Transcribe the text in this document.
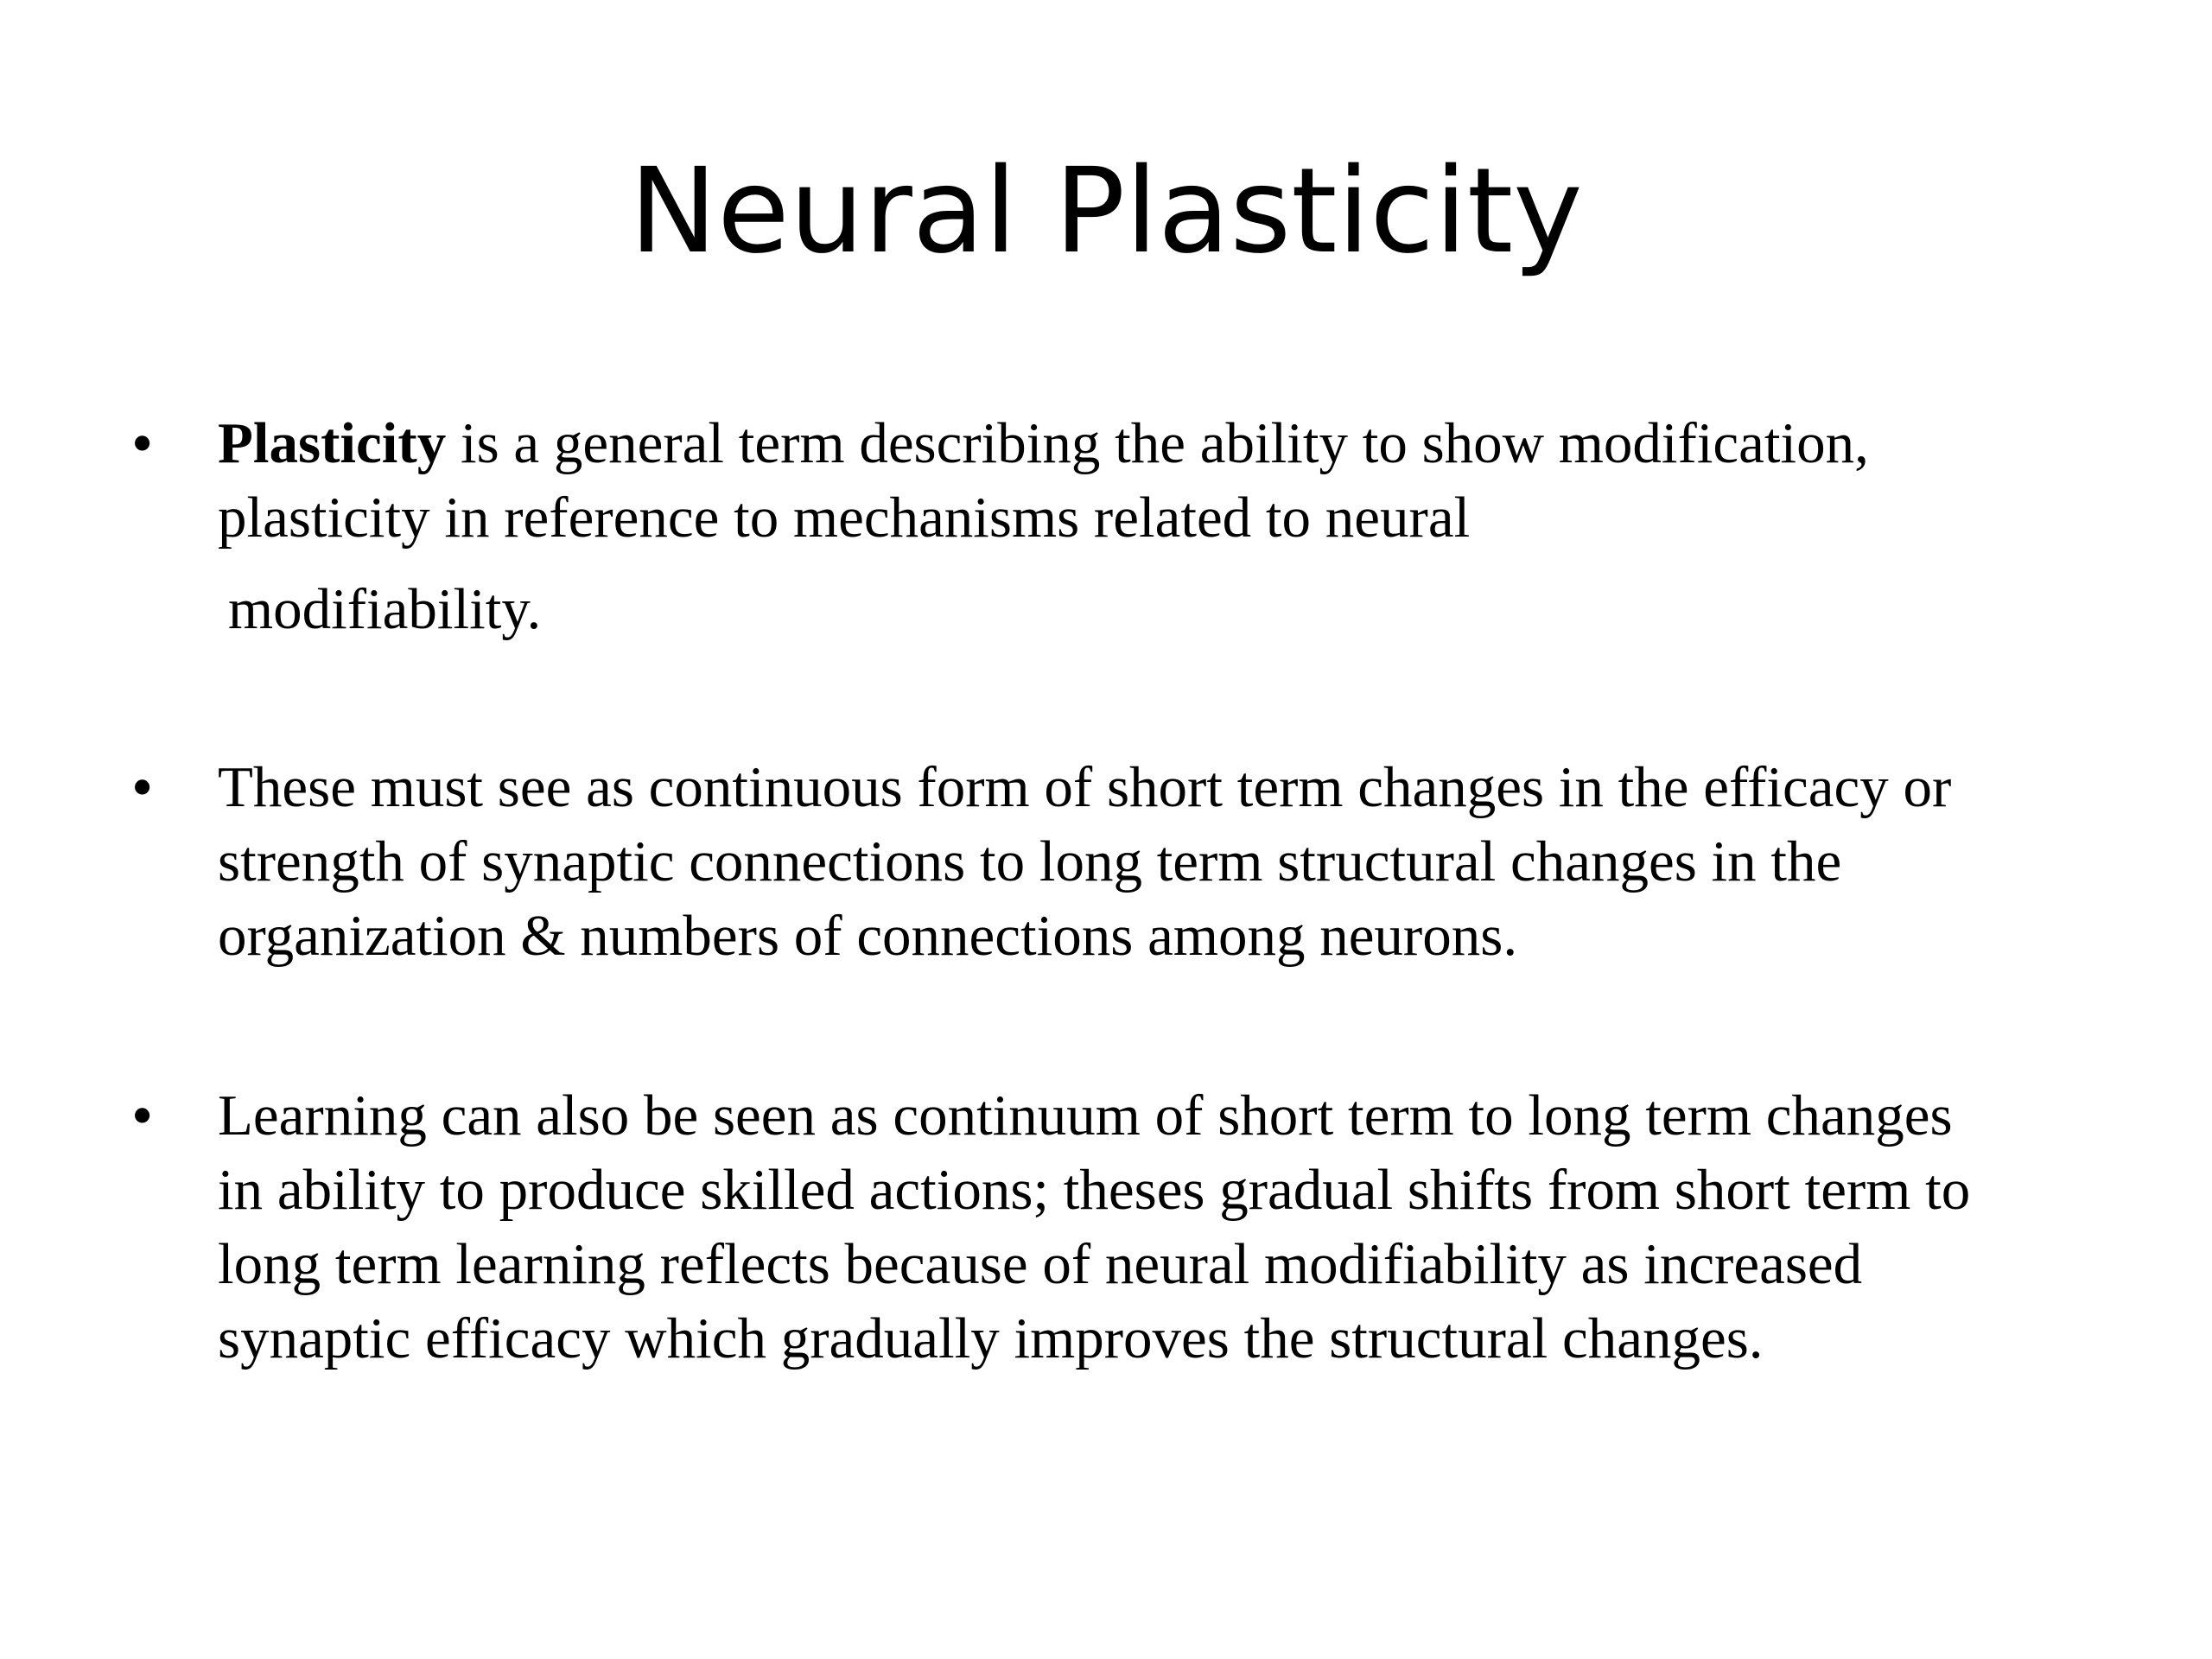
Neural Plasticity
• Plasticity is a general term describing the ability to show modification,
plasticity in reference to mechanisms related to neural
modifiability.
• These must see as continuous form of short term changes in the efficacy or
strength of synaptic connections to long term structural changes in the
organization & numbers of connections among neurons.
• Learning can also be seen as continuum of short term to long term changes
in ability to produce skilled actions; theses gradual shifts from short term to
long term learning reflects because of neural modifiability as increased
synaptic efficacy which gradually improves the structural changes.
